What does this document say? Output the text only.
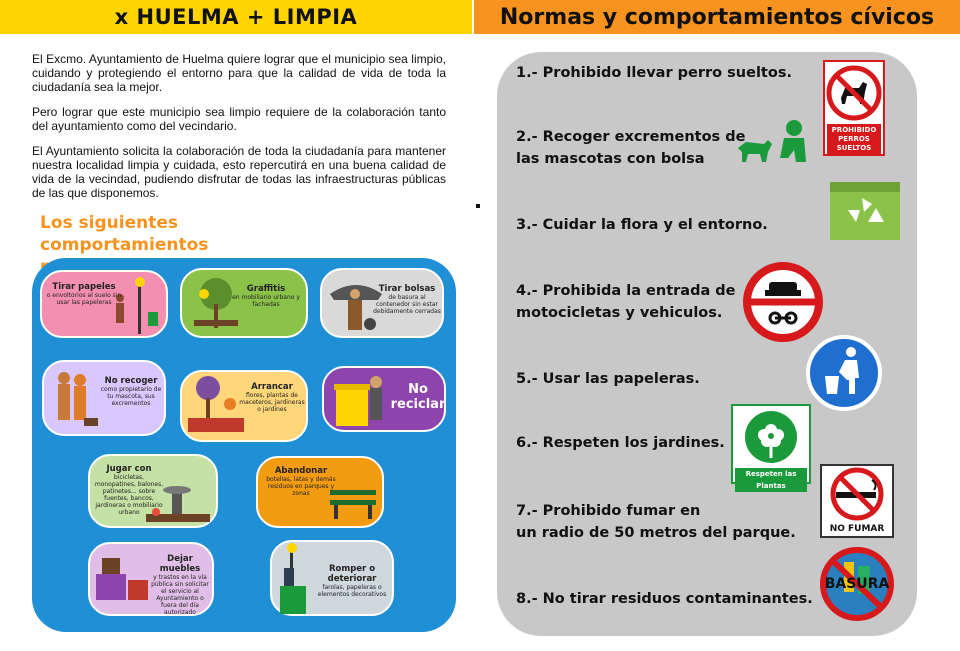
x HUELMA + LIMPIA	Normas y comportamientos cívicos

El Excmo. Ayuntamiento de Huelma quiere lograr que el municipio sea limpio, cuidando y protegiendo el entorno para que la calidad de vida de toda la ciudadanía sea la mejor.

Pero lograr que este municipio sea limpio requiere de la colaboración tanto del ayuntamiento como del vecindario.

El Ayuntamiento solicita la colaboración de toda la ciudadanía para mantener nuestra localidad limpia y cuidada, esto repercutirá en una buena calidad de vida de la vecindad, pudiendo disfrutar de todas las infraestructuras públicas de las que disponemos.

Los siguientes comportamientos
Tirar papeles
o envoltorios al suelo sin usar las papeleras
Graffitis
en mobiliario urbano y fachadas
Tirar bolsas
de basura al contenedor sin estar debidamente cerradas
No recoger
como propietario de tu mascota, sus excrementos
Arrancar
flores, plantas de maceteros, jardineras o jardines
No reciclar
Jugar con
bicicletas, monopatines, balones, patinetes... sobre fuentes, bancos, jardineras o mobiliario urbano
Abandonar
botellas, latas y demás residuos en parques y zonas
Dejar muebles
y trastos en la vía pública sin solicitar el servicio al Ayuntamiento o fuera del día autorizado
Romper o deteriorar
farolas, papeleras o elementos decorativos
1.- Prohibido llevar perro sueltos.
2.- Recoger excrementos de
las mascotas con bolsa
3.- Cuidar la flora y el entorno.
4.- Prohibida la entrada de
motocicletas y vehiculos.
5.- Usar las papeleras.
6.- Respeten los jardines.
7.- Prohibido fumar en
un radio de 50 metros del parque.
8.- No tirar residuos contaminantes.
PROHIBIDO PERROS SUELTOS
Respeten las Plantas
NO FUMAR
BASURA
